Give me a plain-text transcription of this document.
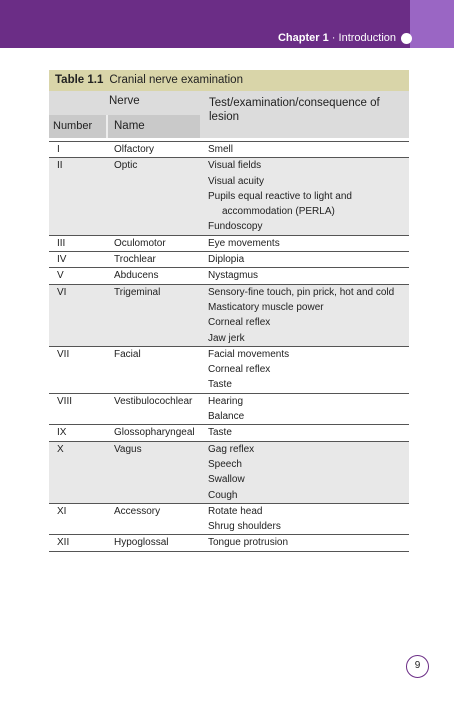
Chapter 1 · Introduction
Table 1.1 Cranial nerve examination
Nerve	Test/examination/consequence of lesion
Number	Name
I	Olfactory	Smell
II	Optic	Visual fields
Visual acuity
Pupils equal reactive to light and
accommodation (PERLA)
Fundoscopy
III	Oculomotor	Eye movements
IV	Trochlear	Diplopia
V	Abducens	Nystagmus
VI	Trigeminal	Sensory-fine touch, pin prick, hot and cold
Masticatory muscle power
Corneal reflex
Jaw jerk
VII	Facial	Facial movements
Corneal reflex
Taste
VIII	Vestibulocochlear	Hearing
Balance
IX	Glossopharyngeal	Taste
X	Vagus	Gag reflex
Speech
Swallow
Cough
XI	Accessory	Rotate head
Shrug shoulders
XII	Hypoglossal	Tongue protrusion
9
